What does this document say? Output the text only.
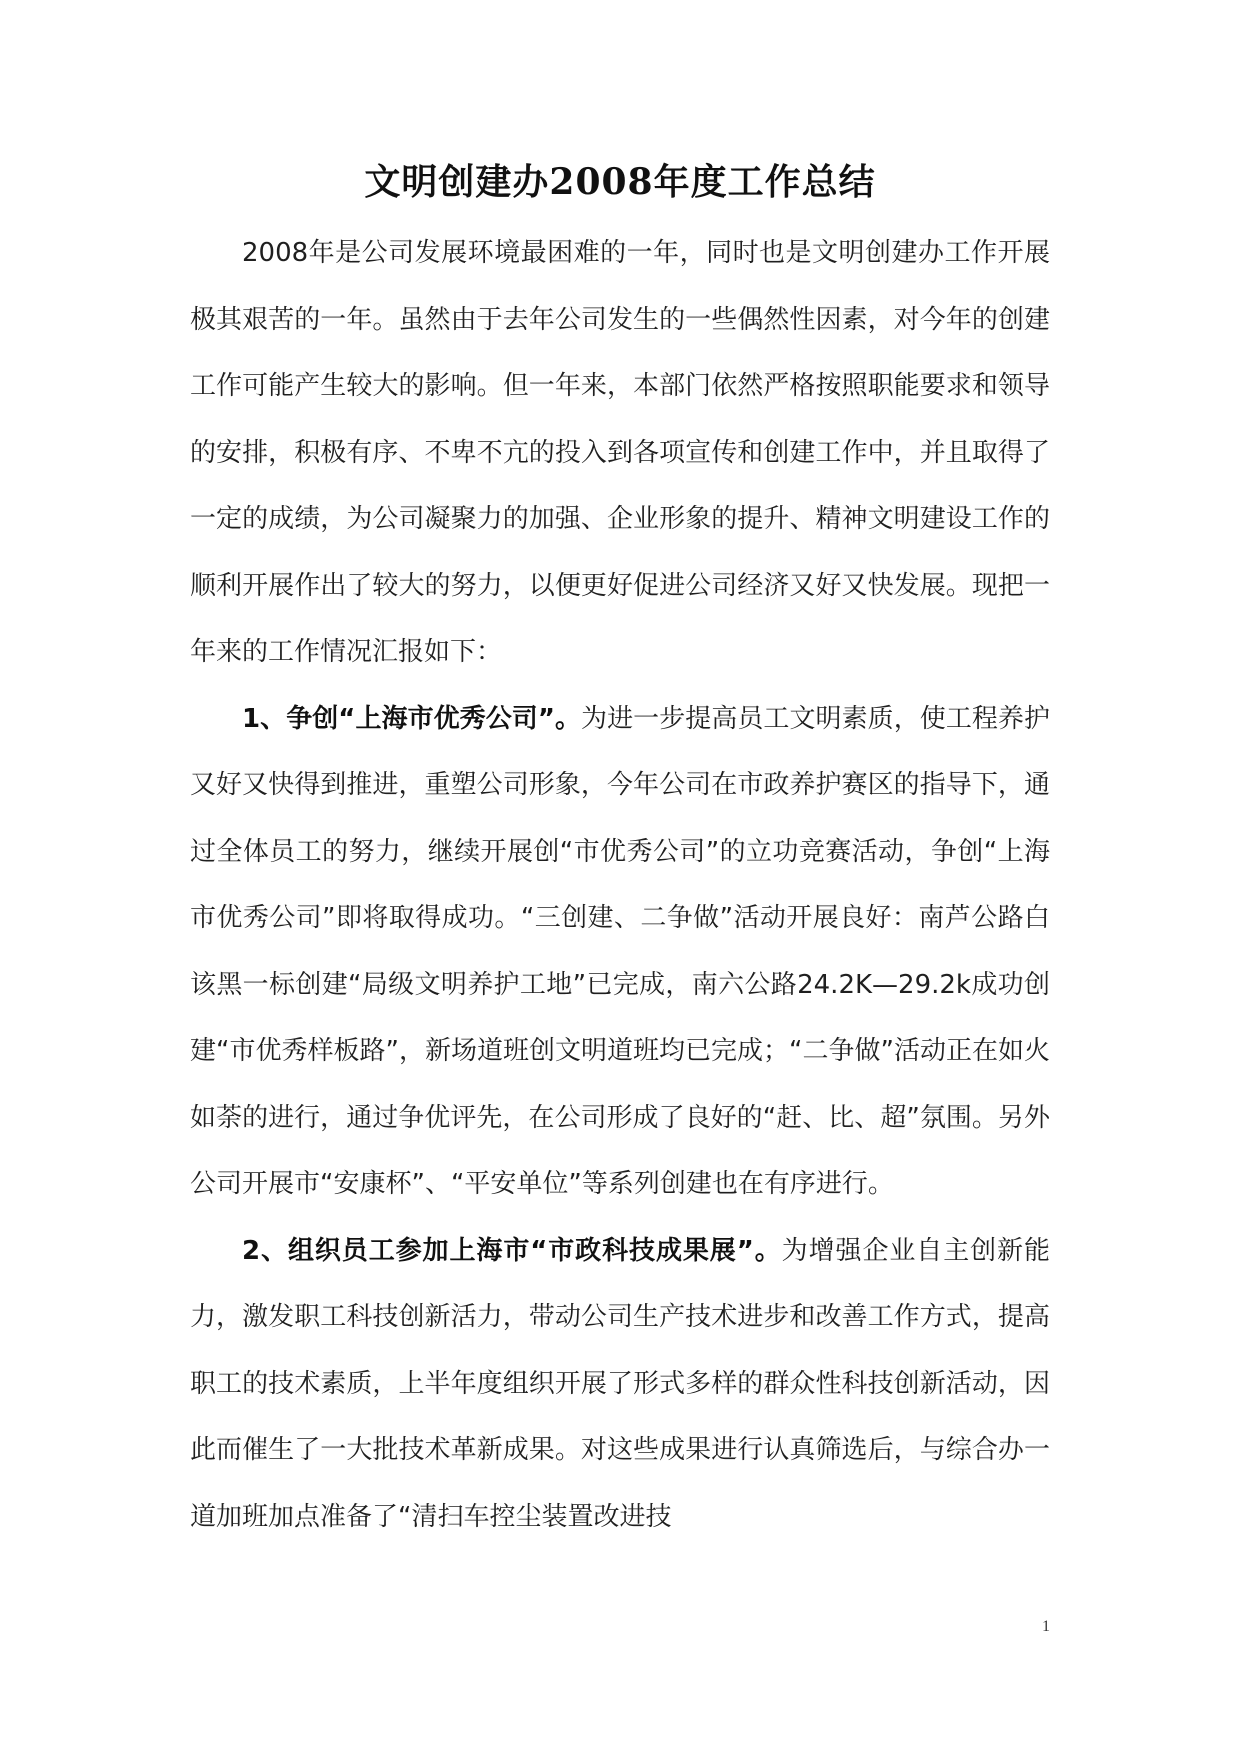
文明创建办2008年度工作总结

2008年是公司发展环境最困难的一年，同时也是文明创建办工作开展极其艰苦的一年。虽然由于去年公司发生的一些偶然性因素，对今年的创建工作可能产生较大的影响。但一年来，本部门依然严格按照职能要求和领导的安排，积极有序、不卑不亢的投入到各项宣传和创建工作中，并且取得了一定的成绩，为公司凝聚力的加强、企业形象的提升、精神文明建设工作的顺利开展作出了较大的努力，以便更好促进公司经济又好又快发展。现把一年来的工作情况汇报如下：

1、争创“上海市优秀公司”。为进一步提高员工文明素质，使工程养护又好又快得到推进，重塑公司形象，今年公司在市政养护赛区的指导下，通过全体员工的努力，继续开展创“市优秀公司”的立功竞赛活动，争创“上海市优秀公司”即将取得成功。“三创建、二争做”活动开展良好：南芦公路白该黑一标创建“局级文明养护工地”已完成，南六公路24.2K—29.2k成功创建“市优秀样板路”，新场道班创文明道班均已完成；“二争做”活动正在如火如荼的进行，通过争优评先，在公司形成了良好的“赶、比、超”氛围。另外公司开展市“安康杯”、“平安单位”等系列创建也在有序进行。

2、组织员工参加上海市“市政科技成果展”。为增强企业自主创新能力，激发职工科技创新活力，带动公司生产技术进步和改善工作方式，提高职工的技术素质，上半年度组织开展了形式多样的群众性科技创新活动，因此而催生了一大批技术革新成果。对这些成果进行认真筛选后，与综合办一道加班加点准备了“清扫车控尘装置改进技

1
